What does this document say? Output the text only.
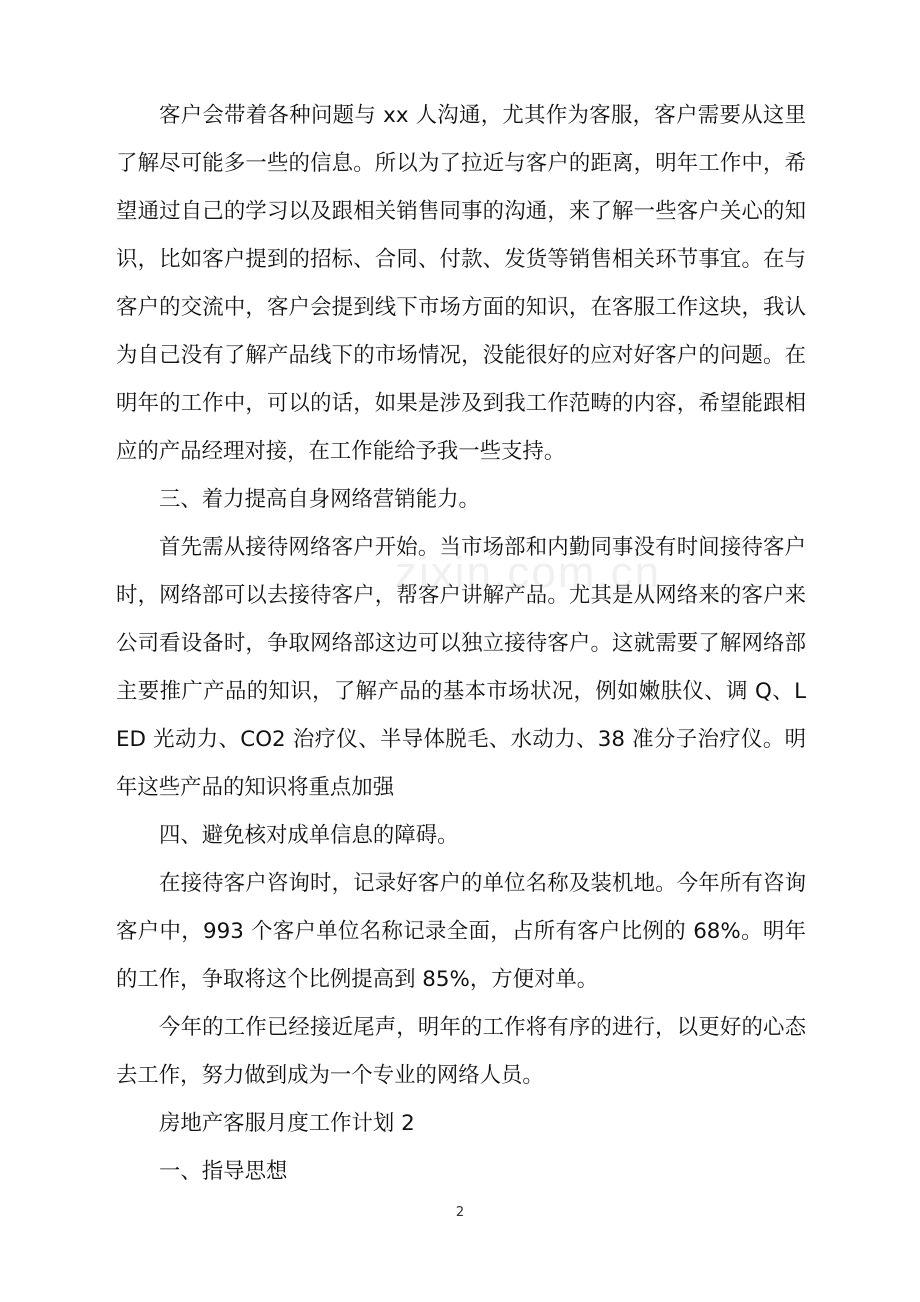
客户会带着各种问题与 xx 人沟通，尤其作为客服，客户需要从这里了解尽可能多一些的信息。所以为了拉近与客户的距离，明年工作中，希望通过自己的学习以及跟相关销售同事的沟通，来了解一些客户关心的知识，比如客户提到的招标、合同、付款、发货等销售相关环节事宜。在与客户的交流中，客户会提到线下市场方面的知识，在客服工作这块，我认为自己没有了解产品线下的市场情况，没能很好的应对好客户的问题。在明年的工作中，可以的话，如果是涉及到我工作范畴的内容，希望能跟相应的产品经理对接，在工作能给予我一些支持。

三、着力提高自身网络营销能力。

首先需从接待网络客户开始。当市场部和内勤同事没有时间接待客户时，网络部可以去接待客户，帮客户讲解产品。尤其是从网络来的客户来公司看设备时，争取网络部这边可以独立接待客户。这就需要了解网络部主要推广产品的知识，了解产品的基本市场状况，例如嫩肤仪、调 Q、LED 光动力、CO2 治疗仪、半导体脱毛、水动力、38 准分子治疗仪。明年这些产品的知识将重点加强

四、避免核对成单信息的障碍。

在接待客户咨询时，记录好客户的单位名称及装机地。今年所有咨询客户中，993 个客户单位名称记录全面，占所有客户比例的 68%。明年的工作，争取将这个比例提高到 85%，方便对单。

今年的工作已经接近尾声，明年的工作将有序的进行，以更好的心态去工作，努力做到成为一个专业的网络人员。

房地产客服月度工作计划 2

一、指导思想

zixin.com.cn
2
